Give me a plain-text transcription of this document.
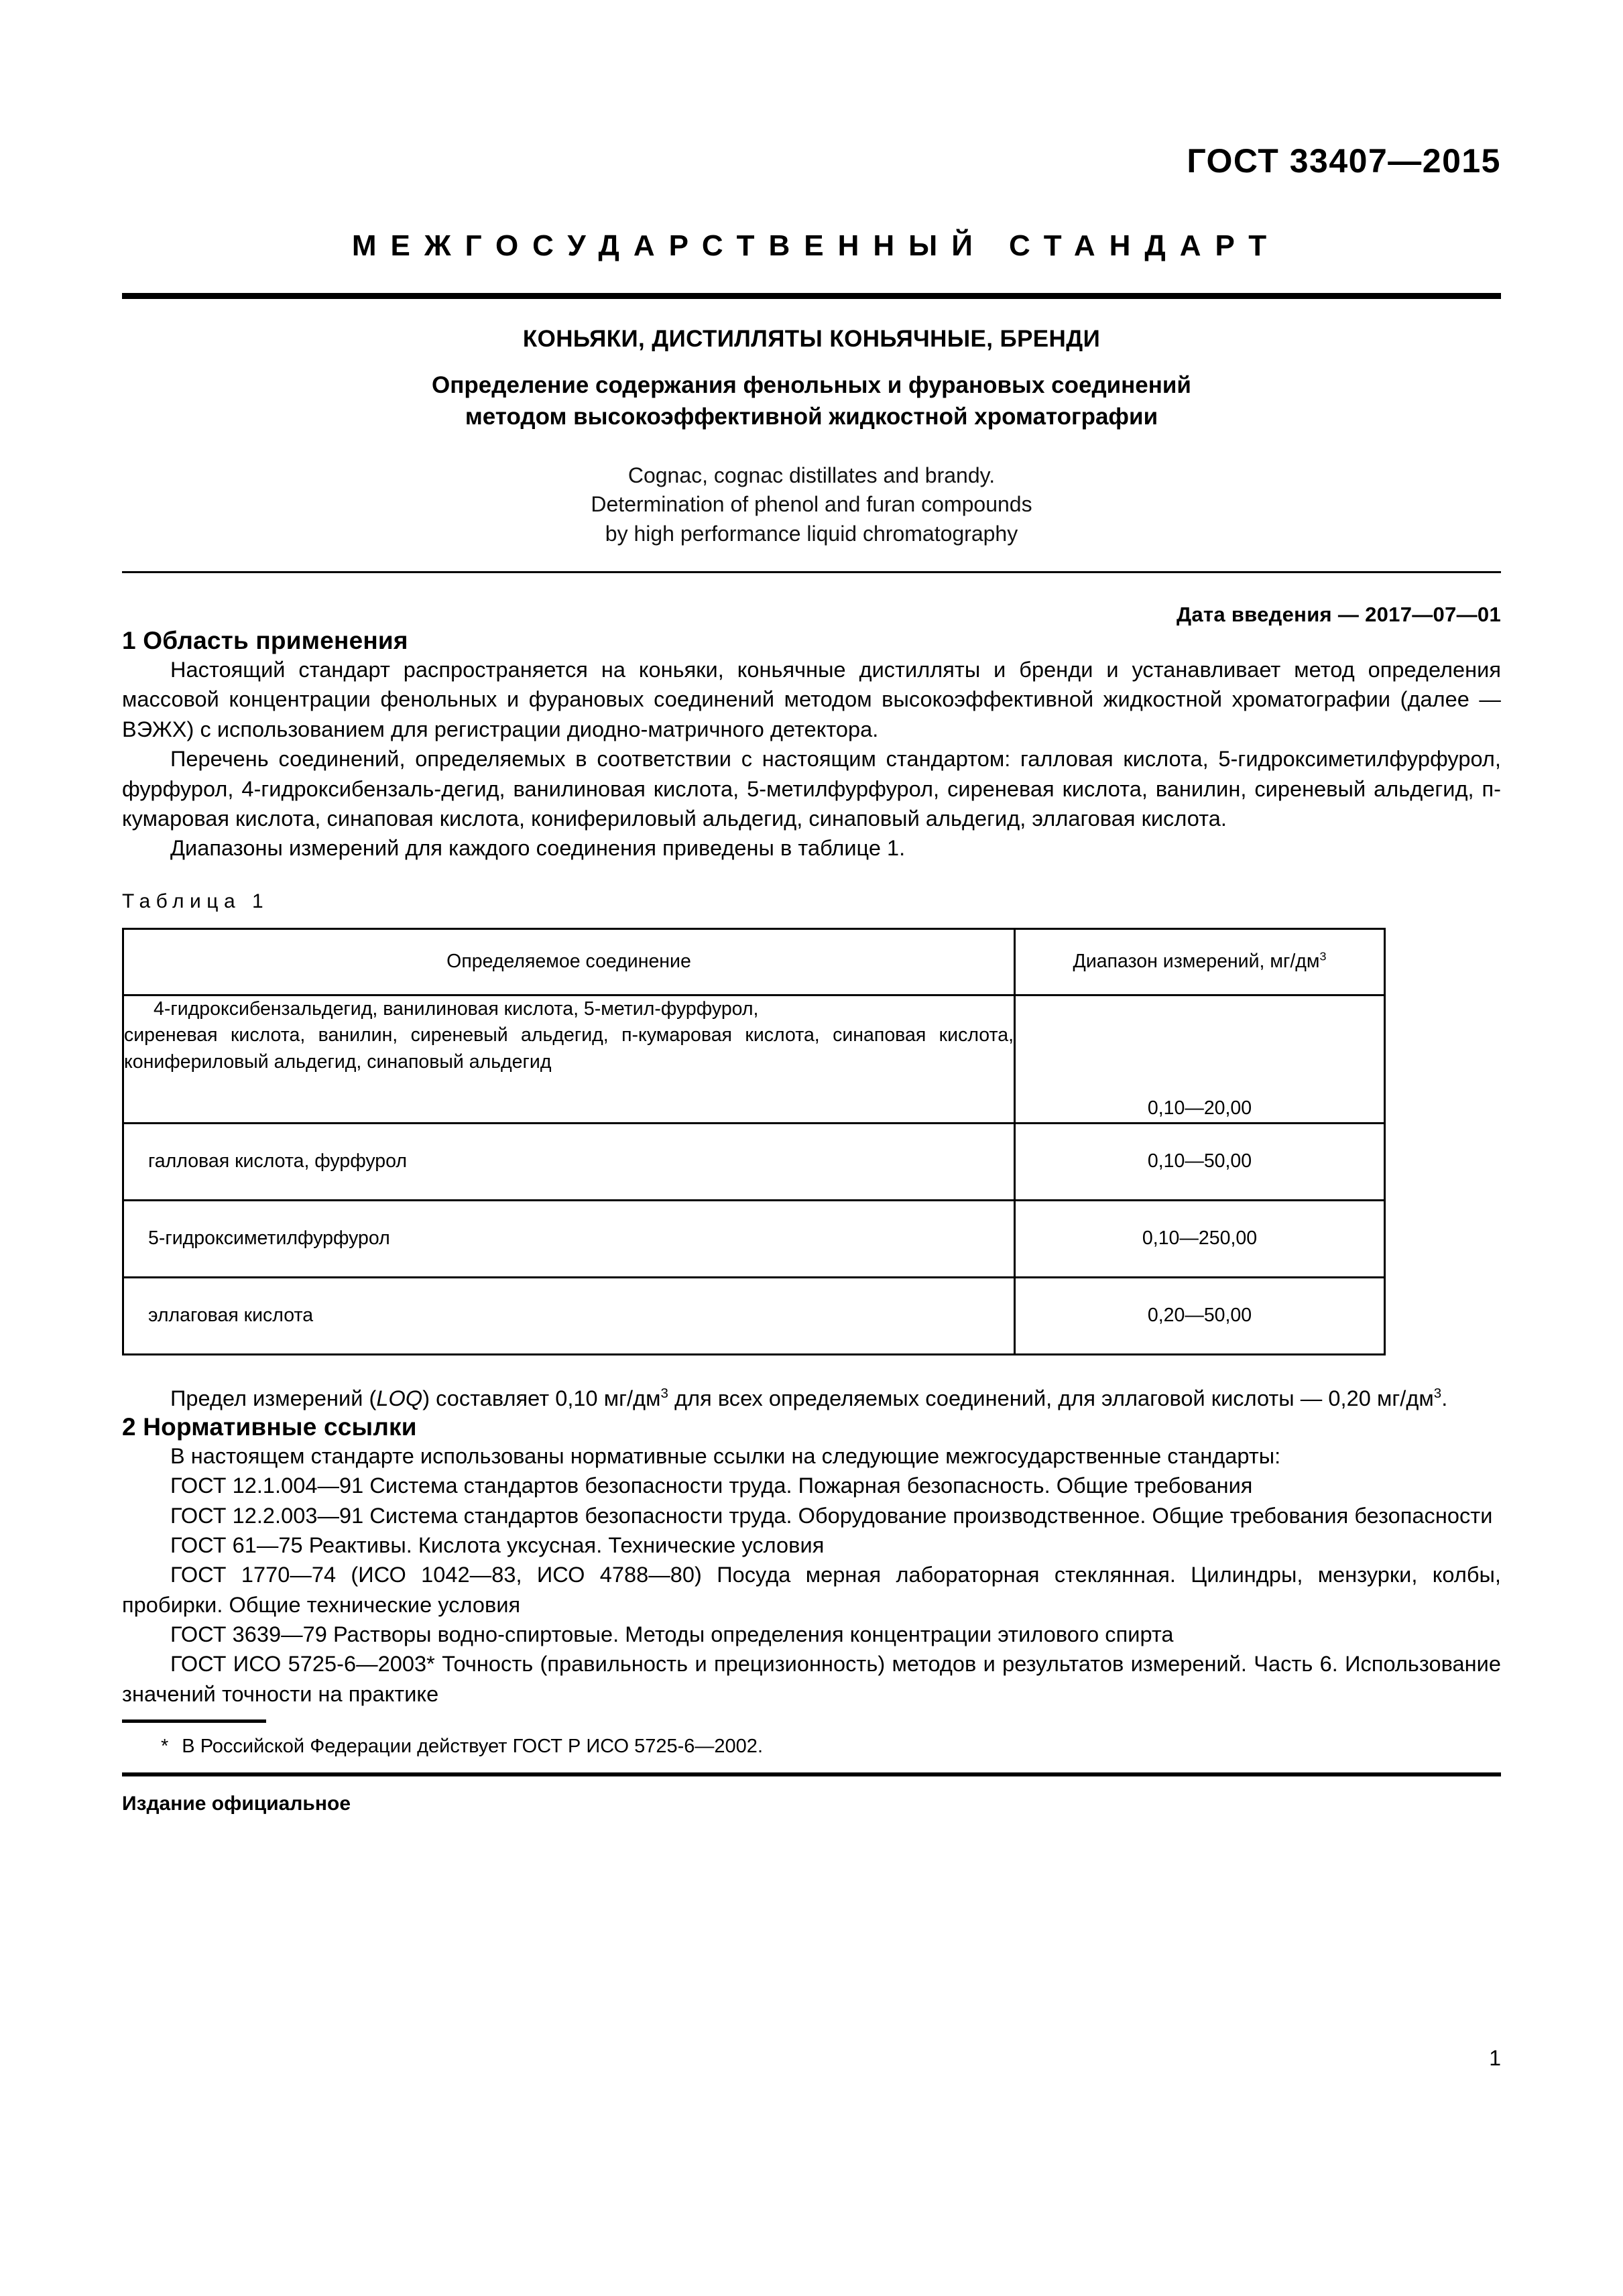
ГОСТ 33407—2015
МЕЖГОСУДАРСТВЕННЫЙ СТАНДАРТ
КОНЬЯКИ, ДИСТИЛЛЯТЫ КОНЬЯЧНЫЕ, БРЕНДИ
Определение содержания фенольных и фурановых соединений
методом высокоэффективной жидкостной хроматографии
Cognac, cognac distillates and brandy.
Determination of phenol and furan compounds
by high performance liquid chromatography
Дата введения — 2017—07—01
1 Область применения

Настоящий стандарт распространяется на коньяки, коньячные дистилляты и бренди и устанавливает метод определения массовой концентрации фенольных и фурановых соединений методом высокоэффективной жидкостной хроматографии (далее — ВЭЖХ) с использованием для регистрации диодно-матричного детектора.

Перечень соединений, определяемых в соответствии с настоящим стандартом: галловая кислота, 5-гидроксиметилфурфурол, фурфурол, 4-гидроксибензаль-дегид, ванилиновая кислота, 5-метилфурфурол, сиреневая кислота, ванилин, сиреневый альдегид, п-кумаровая кислота, синаповая кислота, конифериловый альдегид, синаповый альдегид, эллаговая кислота.

Диапазоны измерений для каждого соединения приведены в таблице 1.

Таблица 1
Определяемое соединение	Диапазон измерений, $мг/дм^3$

4-гидроксибензальдегид, ванилиновая кислота, 5-метил-фурфурол,
сиреневая кислота, ванилин, сиреневый альдегид, п-кумаровая кислота, синаповая кислота, конифериловый альдегид, синаповый альдегид	0,10—20,00
галловая кислота, фурфурол	0,10—50,00
5-гидроксиметилфурфурол	0,10—250,00
эллаговая кислота	0,20—50,00

Предел измерений (LOQ) составляет 0,10 $мг/дм^3$ для всех определяемых соединений, для эллаговой кислоты — 0,20 $мг/дм^3$.

2 Нормативные ссылки

В настоящем стандарте использованы нормативные ссылки на следующие межгосударственные стандарты:

ГОСТ 12.1.004—91 Система стандартов безопасности труда. Пожарная безопасность. Общие требования

ГОСТ 12.2.003—91 Система стандартов безопасности труда. Оборудование производственное. Общие требования безопасности

ГОСТ 61—75 Реактивы. Кислота уксусная. Технические условия

ГОСТ 1770—74 (ИСО 1042—83, ИСО 4788—80) Посуда мерная лабораторная стеклянная. Цилиндры, мензурки, колбы, пробирки. Общие технические условия

ГОСТ 3639—79 Растворы водно-спиртовые. Методы определения концентрации этилового спирта

ГОСТ ИСО 5725-6—2003* Точность (правильность и прецизионность) методов и результатов измерений. Часть 6. Использование значений точности на практике

* В Российской Федерации действует ГОСТ Р ИСО 5725-6—2002.
Издание официальное
1
